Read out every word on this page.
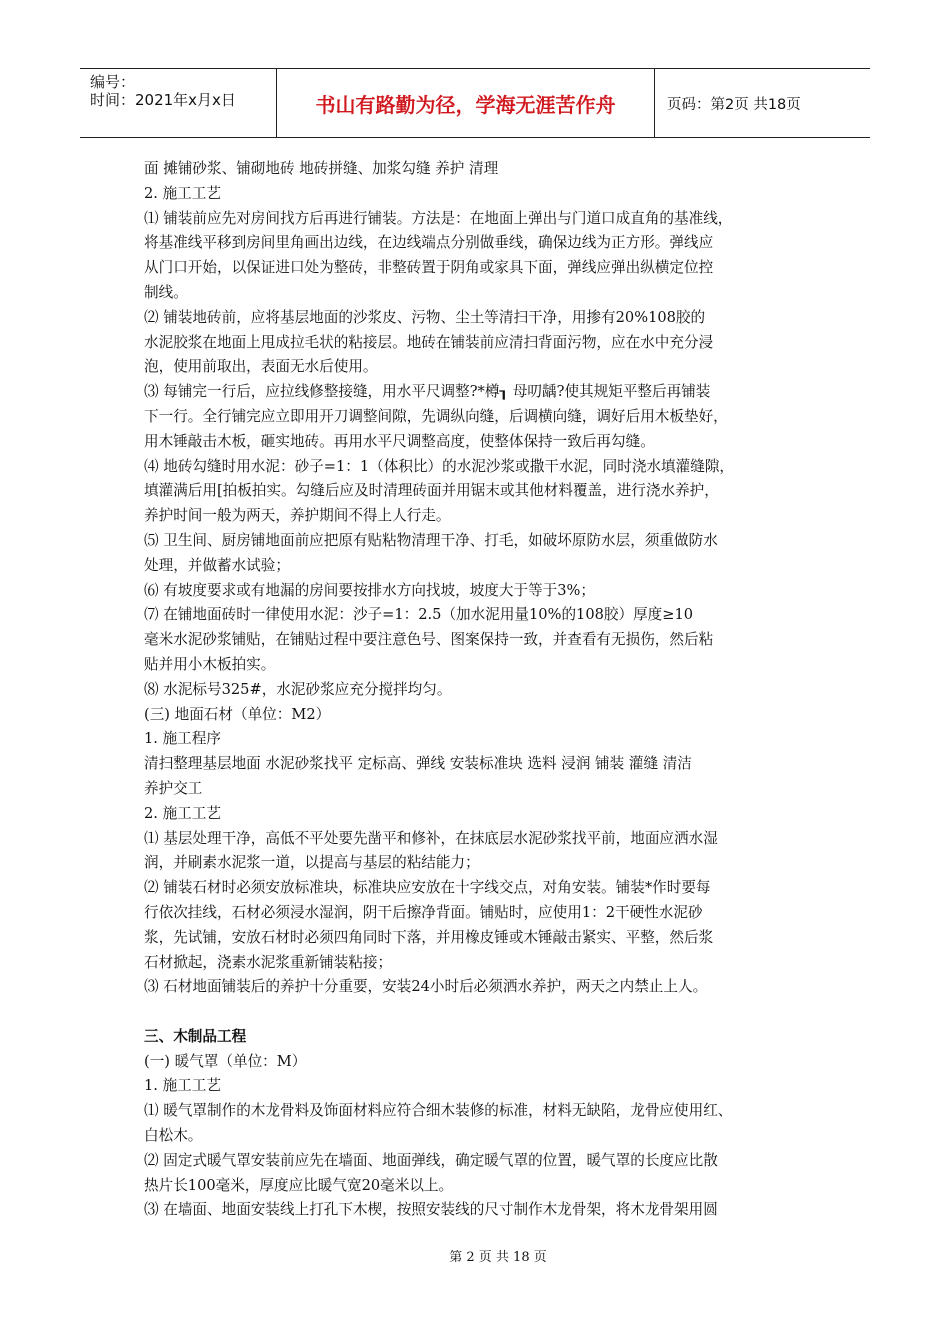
编号：
时间：2021年x月x日	书山有路勤为径，学海无涯苦作舟	页码：第2页 共18页
面 摊铺砂浆、铺砌地砖 地砖拼缝、加浆勾缝 养护 清理
2. 施工工艺
⑴ 铺装前应先对房间找方后再进行铺装。方法是：在地面上弹出与门道口成直角的基准线，
将基准线平移到房间里角画出边线，在边线端点分别做垂线，确保边线为正方形。弹线应
从门口开始，以保证进口处为整砖，非整砖置于阴角或家具下面，弹线应弹出纵横定位控
制线。
⑵ 铺装地砖前，应将基层地面的沙浆皮、污物、尘土等清扫干净，用掺有20%108胶的
水泥胶浆在地面上甩成拉毛状的粘接层。地砖在铺装前应清扫背面污物，应在水中充分浸
泡，使用前取出，表面无水后使用。
⑶ 每铺完一行后，应拉线修整接缝，用水平尺调整?*樽┒ 母叨龋?使其规矩平整后再铺装
下一行。全行铺完应立即用开刀调整间隙，先调纵向缝，后调横向缝，调好后用木板垫好，
用木锤敲击木板，砸实地砖。再用水平尺调整高度，使整体保持一致后再勾缝。
⑷ 地砖勾缝时用水泥：砂子=1：1（体积比）的水泥沙浆或撒干水泥，同时浇水填灌缝隙，
填灌满后用[拍板拍实。勾缝后应及时清理砖面并用锯末或其他材料覆盖，进行浇水养护，
养护时间一般为两天，养护期间不得上人行走。
⑸ 卫生间、厨房铺地面前应把原有贴粘物清理干净、打毛，如破坏原防水层，须重做防水
处理，并做蓄水试验；
⑹ 有坡度要求或有地漏的房间要按排水方向找坡，坡度大于等于3%；
⑺ 在铺地面砖时一律使用水泥：沙子=1：2.5（加水泥用量10%的108胶）厚度≥10
毫米水泥砂浆铺贴，在铺贴过程中要注意色号、图案保持一致，并查看有无损伤，然后粘
贴并用小木板拍实。
⑻ 水泥标号325#，水泥砂浆应充分搅拌均匀。
(三) 地面石材（单位：M2）
1. 施工程序
清扫整理基层地面 水泥砂浆找平 定标高、弹线 安装标准块 选料 浸润 铺装 灌缝 清洁
养护交工
2. 施工工艺
⑴ 基层处理干净，高低不平处要先凿平和修补，在抹底层水泥砂浆找平前，地面应洒水湿
润，并刷素水泥浆一道，以提高与基层的粘结能力；
⑵ 铺装石材时必须安放标准块，标准块应安放在十字线交点，对角安装。铺装*作时要每
行依次挂线，石材必须浸水湿润，阴干后擦净背面。铺贴时，应使用1：2干硬性水泥砂
浆，先试铺，安放石材时必须四角同时下落，并用橡皮锤或木锤敲击紧实、平整，然后浆
石材掀起，浇素水泥浆重新铺装粘接；
⑶ 石材地面铺装后的养护十分重要，安装24小时后必须洒水养护，两天之内禁止上人。
三、木制品工程
(一) 暖气罩（单位：M）
1. 施工工艺
⑴ 暖气罩制作的木龙骨料及饰面材料应符合细木装修的标准，材料无缺陷，龙骨应使用红、
白松木。
⑵ 固定式暖气罩安装前应先在墙面、地面弹线，确定暖气罩的位置，暖气罩的长度应比散
热片长100毫米，厚度应比暖气宽20毫米以上。
⑶ 在墙面、地面安装线上打孔下木楔，按照安装线的尺寸制作木龙骨架，将木龙骨架用圆
第 2 页 共 18 页
